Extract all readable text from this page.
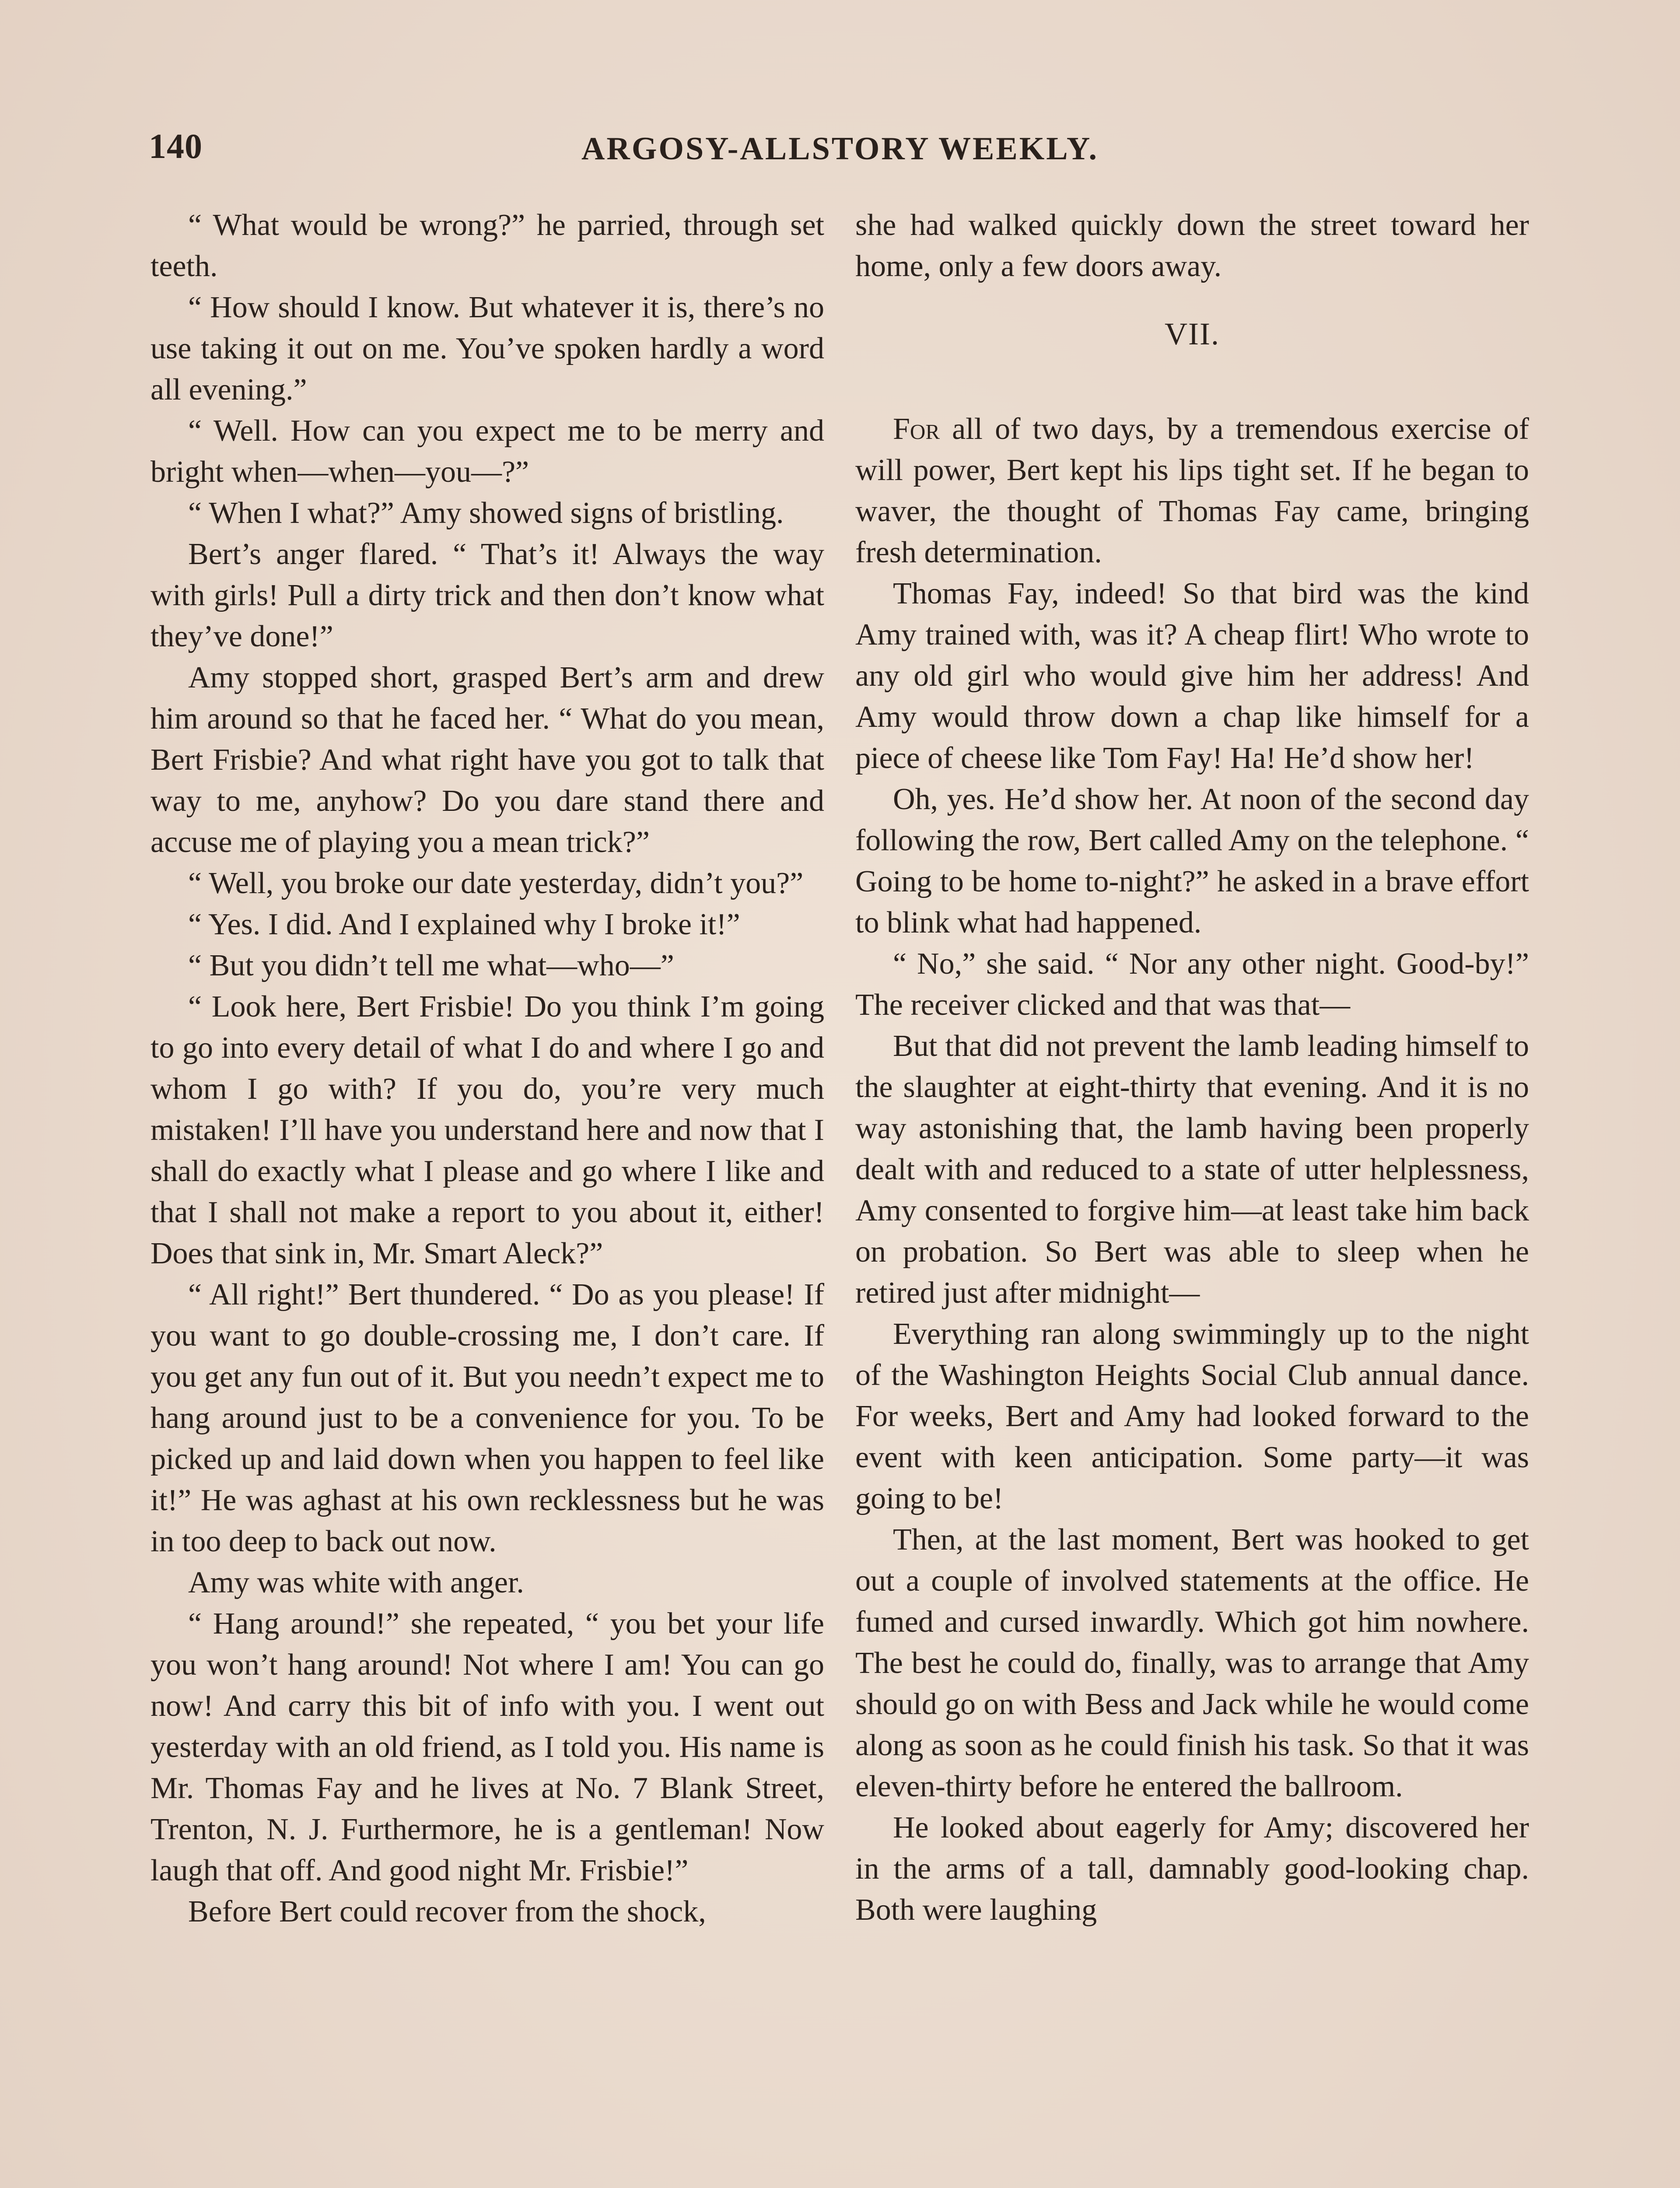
140	ARGOSY-ALLSTORY WEEKLY.

“ What would be wrong?” he parried, through set teeth.

“ How should I know. But whatever it is, there’s no use taking it out on me. You’ve spoken hardly a word all evening.”

“ Well. How can you expect me to be merry and bright when—when—you—?”

“ When I what?” Amy showed signs of bristling.

Bert’s anger flared. “ That’s it! Always the way with girls! Pull a dirty trick and then don’t know what they’ve done!”

Amy stopped short, grasped Bert’s arm and drew him around so that he faced her. “ What do you mean, Bert Frisbie? And what right have you got to talk that way to me, anyhow? Do you dare stand there and accuse me of playing you a mean trick?”

“ Well, you broke our date yesterday, didn’t you?”

“ Yes. I did. And I explained why I broke it!”

“ But you didn’t tell me what—who—”

“ Look here, Bert Frisbie! Do you think I’m going to go into every detail of what I do and where I go and whom I go with? If you do, you’re very much mistaken! I’ll have you understand here and now that I shall do exactly what I please and go where I like and that I shall not make a report to you about it, either! Does that sink in, Mr. Smart Aleck?”

“ All right!” Bert thundered. “ Do as you please! If you want to go double-crossing me, I don’t care. If you get any fun out of it. But you needn’t expect me to hang around just to be a convenience for you. To be picked up and laid down when you happen to feel like it!” He was aghast at his own recklessness but he was in too deep to back out now.

Amy was white with anger.

“ Hang around!” she repeated, “ you bet your life you won’t hang around! Not where I am! You can go now! And carry this bit of info with you. I went out yesterday with an old friend, as I told you. His name is Mr. Thomas Fay and he lives at No. 7 Blank Street, Trenton, N. J. Furthermore, he is a gentleman! Now laugh that off. And good night Mr. Frisbie!”

Before Bert could recover from the shock,

she had walked quickly down the street toward her home, only a few doors away.

VII.

For all of two days, by a tremendous exercise of will power, Bert kept his lips tight set. If he began to waver, the thought of Thomas Fay came, bringing fresh determination.

Thomas Fay, indeed! So that bird was the kind Amy trained with, was it? A cheap flirt! Who wrote to any old girl who would give him her address! And Amy would throw down a chap like himself for a piece of cheese like Tom Fay! Ha! He’d show her!

Oh, yes. He’d show her. At noon of the second day following the row, Bert called Amy on the telephone. “ Going to be home to-night?” he asked in a brave effort to blink what had happened.

“ No,” she said. “ Nor any other night. Good-by!” The receiver clicked and that was that—

But that did not prevent the lamb leading himself to the slaughter at eight-thirty that evening. And it is no way astonishing that, the lamb having been properly dealt with and reduced to a state of utter helplessness, Amy consented to forgive him—at least take him back on probation. So Bert was able to sleep when he retired just after midnight—

Everything ran along swimmingly up to the night of the Washington Heights Social Club annual dance. For weeks, Bert and Amy had looked forward to the event with keen anticipation. Some party—it was going to be!

Then, at the last moment, Bert was hooked to get out a couple of involved statements at the office. He fumed and cursed inwardly. Which got him nowhere. The best he could do, finally, was to arrange that Amy should go on with Bess and Jack while he would come along as soon as he could finish his task. So that it was eleven-thirty before he entered the ballroom.

He looked about eagerly for Amy; discovered her in the arms of a tall, damnably good-looking chap. Both were laughing
